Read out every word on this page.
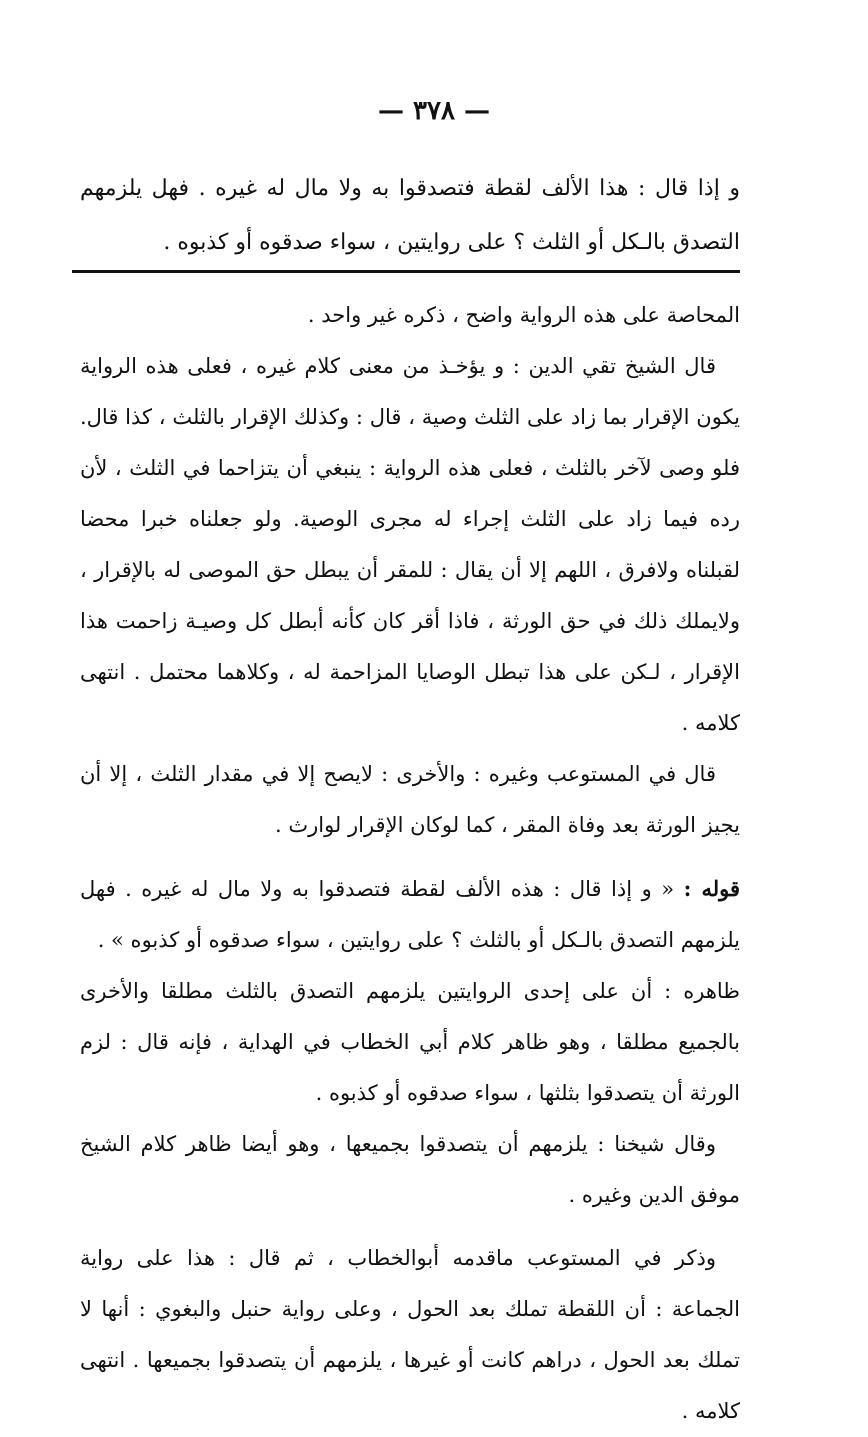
— ٣٧٨ —

و إذا قال : هذا الألف لقطة فتصدقوا به ولا مال له غيره . فهل يلزمهم التصدق بالـكل أو الثلث ؟ على روايتين ، سواء صدقوه أو كذبوه .

المحاصة على هذه الرواية واضح ، ذكره غير واحد .

قال الشيخ تقي الدين : و يؤخـذ من معنى كلام غيره ، فعلى هذه الرواية يكون الإقرار بما زاد على الثلث وصية ، قال : وكذلك الإقرار بالثلث ، كذا قال. فلو وصى لآخر بالثلث ، فعلى هذه الرواية : ينبغي أن يتزاحما في الثلث ، لأن رده فيما زاد على الثلث إجراء له مجرى الوصية. ولو جعلناه خبرا محضا لقبلناه ولافرق ، اللهم إلا أن يقال : للمقر أن يبطل حق الموصى له بالإقرار ، ولايملك ذلك في حق الورثة ، فاذا أقر كان كأنه أبطل كل وصيـة زاحمت هذا الإقرار ، لـكن على هذا تبطل الوصايا المزاحمة له ، وكلاهما محتمل . انتهى كلامه .

قال في المستوعب وغيره : والأخرى : لايصح إلا في مقدار الثلث ، إلا أن يجيز الورثة بعد وفاة المقر ، كما لوكان الإقرار لوارث .

قوله : « و إذا قال : هذه الألف لقطة فتصدقوا به ولا مال له غيره . فهل يلزمهم التصدق بالـكل أو بالثلث ؟ على روايتين ، سواء صدقوه أو كذبوه » .

ظاهره : أن على إحدى الروايتين يلزمهم التصدق بالثلث مطلقا والأخرى بالجميع مطلقا ، وهو ظاهر كلام أبي الخطاب في الهداية ، فإنه قال : لزم الورثة أن يتصدقوا بثلثها ، سواء صدقوه أو كذبوه .

وقال شيخنا : يلزمهم أن يتصدقوا بجميعها ، وهو أيضا ظاهر كلام الشيخ موفق الدين وغيره .

وذكر في المستوعب ماقدمه أبوالخطاب ، ثم قال : هذا على رواية الجماعة : أن اللقطة تملك بعد الحول ، وعلى رواية حنبل والبغوي : أنها لا تملك بعد الحول ، دراهم كانت أو غيرها ، يلزمهم أن يتصدقوا بجميعها . انتهى كلامه .
